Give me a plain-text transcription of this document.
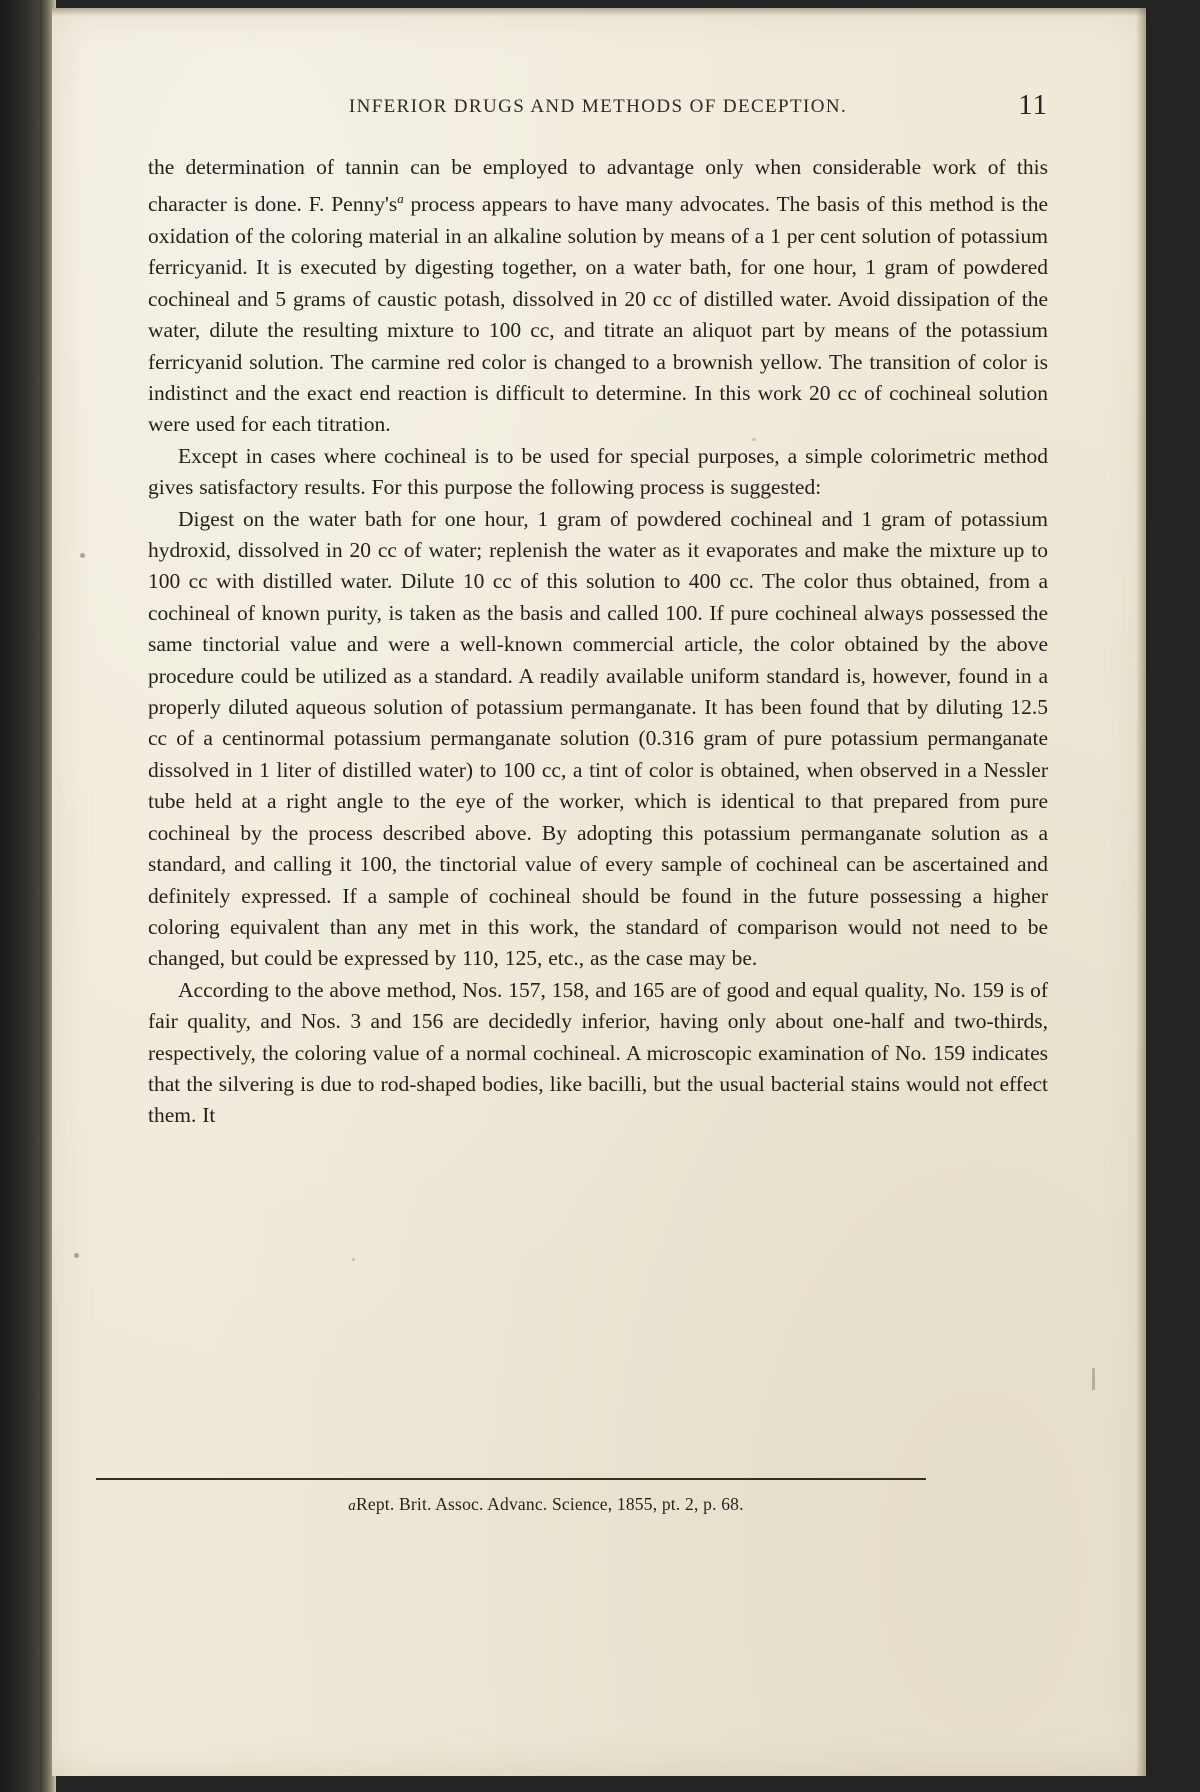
INFERIOR DRUGS AND METHODS OF DECEPTION.	11

the determination of tannin can be employed to advantage only when considerable work of this character is done. F. Penny's$^a$ process appears to have many advocates. The basis of this method is the oxidation of the coloring material in an alkaline solution by means of a 1 per cent solution of potassium ferricyanid. It is executed by digesting together, on a water bath, for one hour, 1 gram of powdered cochineal and 5 grams of caustic potash, dissolved in 20 cc of distilled water. Avoid dissipation of the water, dilute the resulting mixture to 100 cc, and titrate an aliquot part by means of the potassium ferricyanid solution. The carmine red color is changed to a brownish yellow. The transition of color is indistinct and the exact end reaction is difficult to determine. In this work 20 cc of cochineal solution were used for each titration.

Except in cases where cochineal is to be used for special purposes, a simple colorimetric method gives satisfactory results. For this purpose the following process is suggested:

Digest on the water bath for one hour, 1 gram of powdered cochineal and 1 gram of potassium hydroxid, dissolved in 20 cc of water; replenish the water as it evaporates and make the mixture up to 100 cc with distilled water. Dilute 10 cc of this solution to 400 cc. The color thus obtained, from a cochineal of known purity, is taken as the basis and called 100. If pure cochineal always possessed the same tinctorial value and were a well-known commercial article, the color obtained by the above procedure could be utilized as a standard. A readily available uniform standard is, however, found in a properly diluted aqueous solution of potassium permanganate. It has been found that by diluting 12.5 cc of a centinormal potassium permanganate solution (0.316 gram of pure potassium permanganate dissolved in 1 liter of distilled water) to 100 cc, a tint of color is obtained, when observed in a Nessler tube held at a right angle to the eye of the worker, which is identical to that prepared from pure cochineal by the process described above. By adopting this potassium permanganate solution as a standard, and calling it 100, the tinctorial value of every sample of cochineal can be ascertained and definitely expressed. If a sample of cochineal should be found in the future possessing a higher coloring equivalent than any met in this work, the standard of comparison would not need to be changed, but could be expressed by 110, 125, etc., as the case may be.

According to the above method, Nos. 157, 158, and 165 are of good and equal quality, No. 159 is of fair quality, and Nos. 3 and 156 are decidedly inferior, having only about one-half and two-thirds, respectively, the coloring value of a normal cochineal. A microscopic examination of No. 159 indicates that the silvering is due to rod-shaped bodies, like bacilli, but the usual bacterial stains would not effect them. It

aRept. Brit. Assoc. Advanc. Science, 1855, pt. 2, p. 68.
